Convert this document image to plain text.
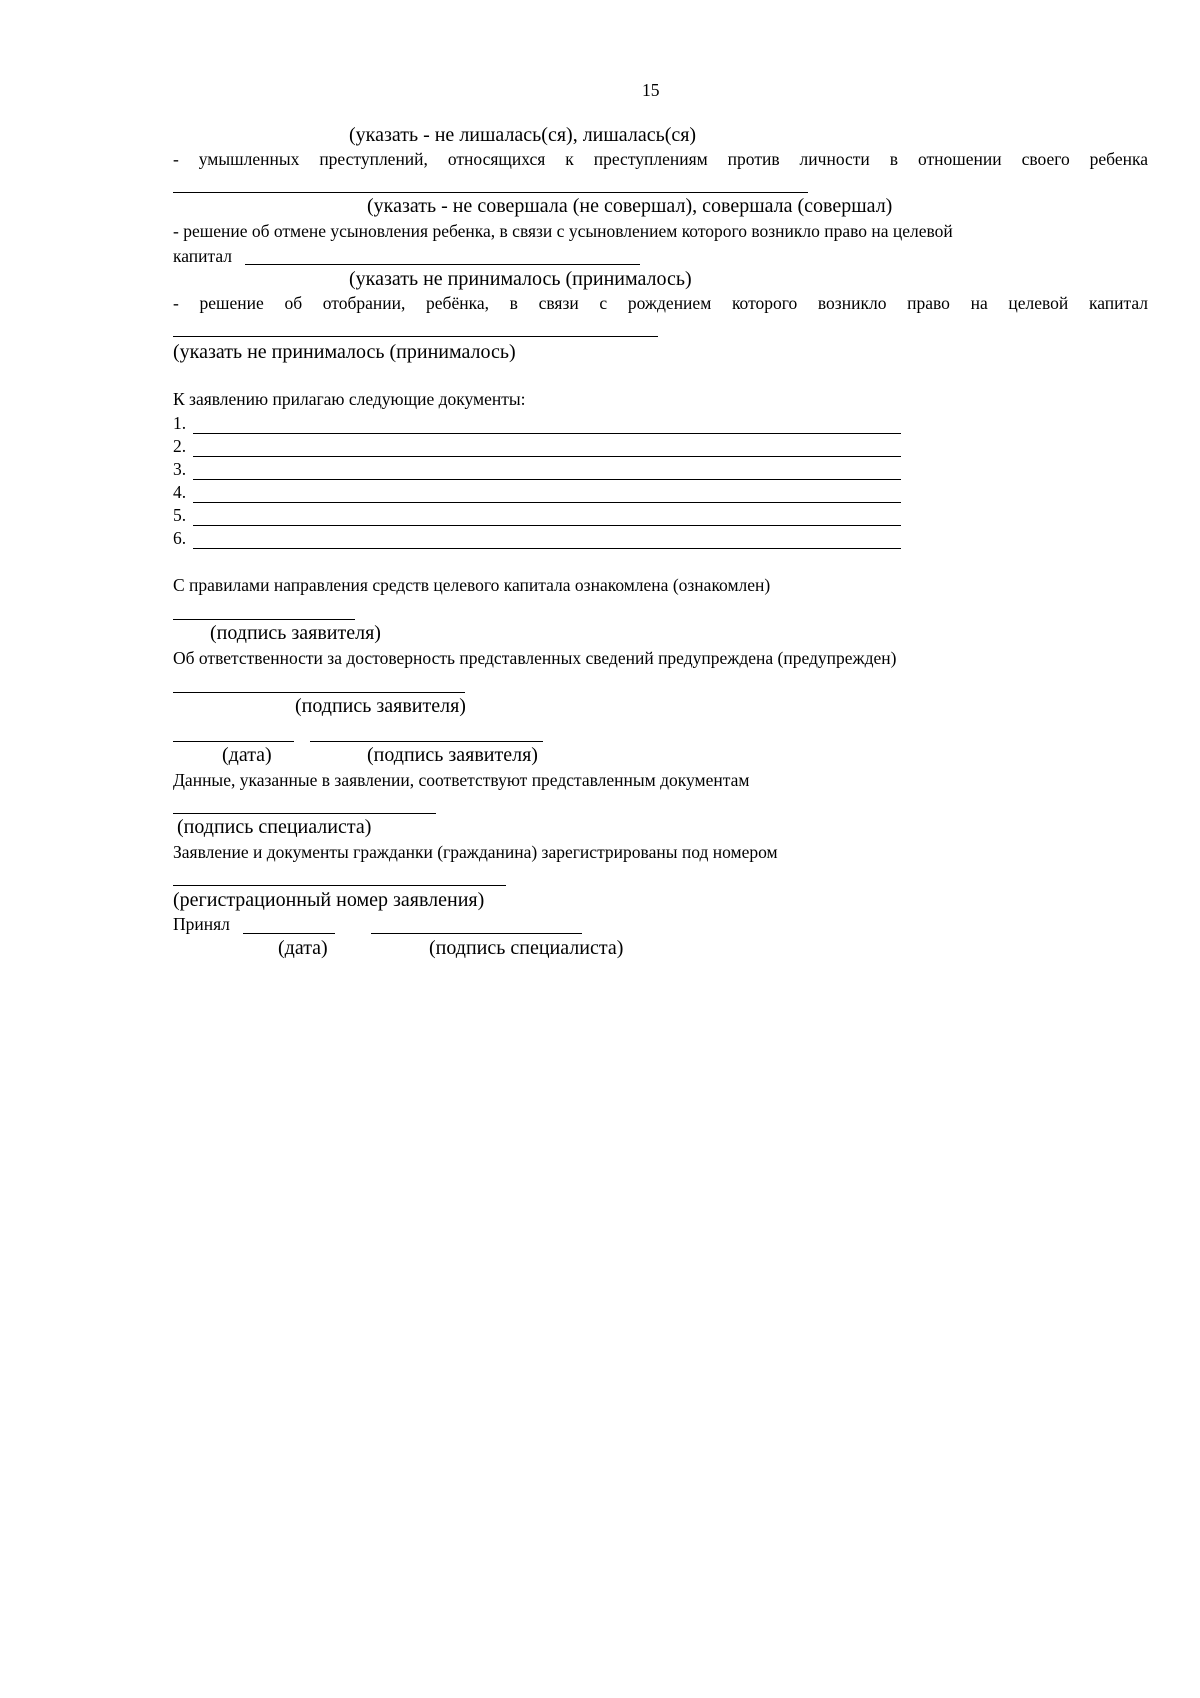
15
(указать - не лишалась(ся), лишалась(ся)
- умышленных преступлений, относящихся к преступлениям против личности в отношении своего ребенка
(указать - не совершала (не совершал), совершала (совершал)
- решение об отмене усыновления ребенка, в связи с усыновлением которого возникло право на целевой
капитал
(указать не принималось (принималось)
- решение об отобрании, ребёнка, в связи с рождением которого возникло право на целевой капитал
(указать не принималось (принималось)
К заявлению прилагаю следующие документы:
1.
2.
3.
4.
5.
6.
С правилами направления средств целевого капитала ознакомлена (ознакомлен)
(подпись заявителя)
Об ответственности за достоверность представленных сведений предупреждена (предупрежден)
(подпись заявителя)
(дата)	(подпись заявителя)
Данные, указанные в заявлении, соответствуют представленным документам
(подпись специалиста)
Заявление и документы гражданки (гражданина) зарегистрированы под номером
(регистрационный номер заявления)
Принял
(дата)	(подпись специалиста)
